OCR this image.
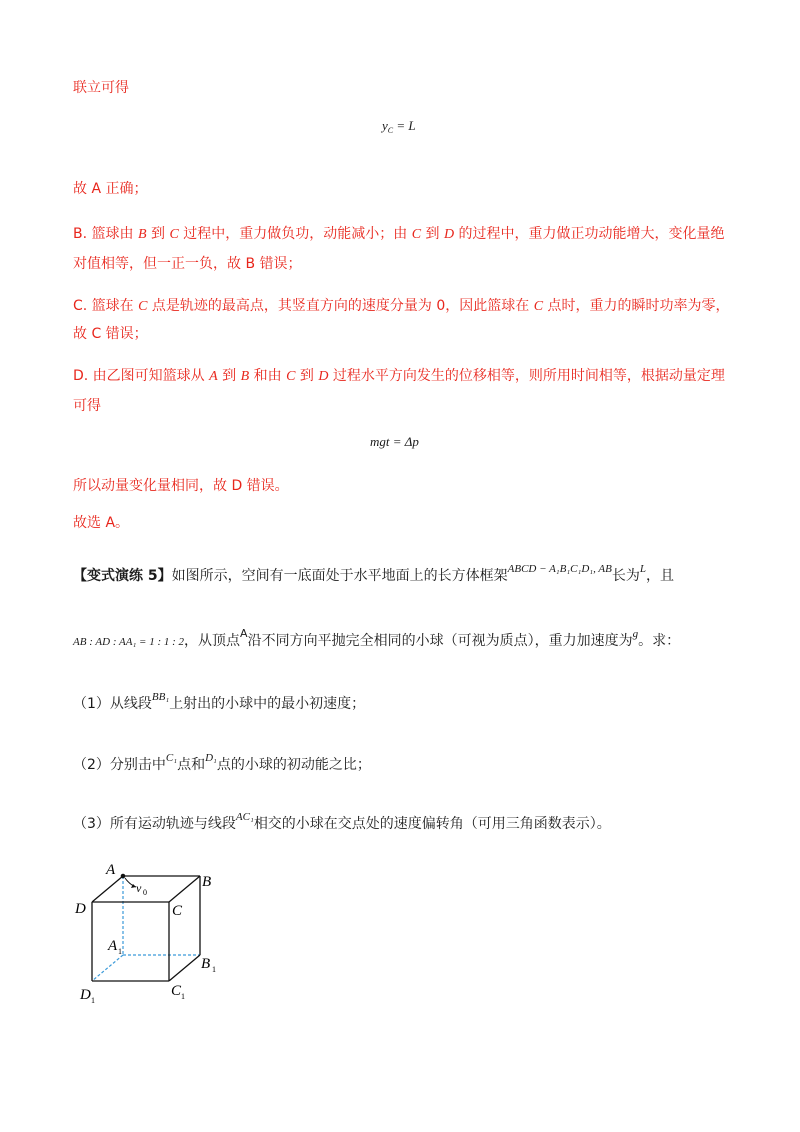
联立可得
$y_C = L$
故 A 正确；
B. 篮球由 B 到 C 过程中，重力做负功，动能减小；由 C 到 D 的过程中，重力做正功动能增大，变化量绝
对值相等，但一正一负，故 B 错误；
C. 篮球在 C 点是轨迹的最高点，其竖直方向的速度分量为 0，因此篮球在 C 点时，重力的瞬时功率为零，
故 C 错误；
D. 由乙图可知篮球从 A 到 B 和由 C 到 D 过程水平方向发生的位移相等，则所用时间相等，根据动量定理
可得
mgt = Δp
所以动量变化量相同，故 D 错误。
故选 A。
【变式演练 5】如图所示，空间有一底面处于水平地面上的长方体框架$^{ABCD - A_1B_1C_1D_1, AB}$长为$^L$，且
AB : AD : AA₁ = 1 : 1 : 2，从顶点$^A$沿不同方向平抛完全相同的小球（可视为质点），重力加速度为$^g$。求：
（1）从线段$^{BB_1}$上射出的小球中的最小初速度；
（2）分别击中$^{C_1}$点和$^{D_1}$点的小球的初动能之比；
（3）所有运动轨迹与线段$^{AC_1}$相交的小球在交点处的速度偏转角（可用三角函数表示）。
A
B
C
D
A 1
B 1
C 1
D 1
v 0
